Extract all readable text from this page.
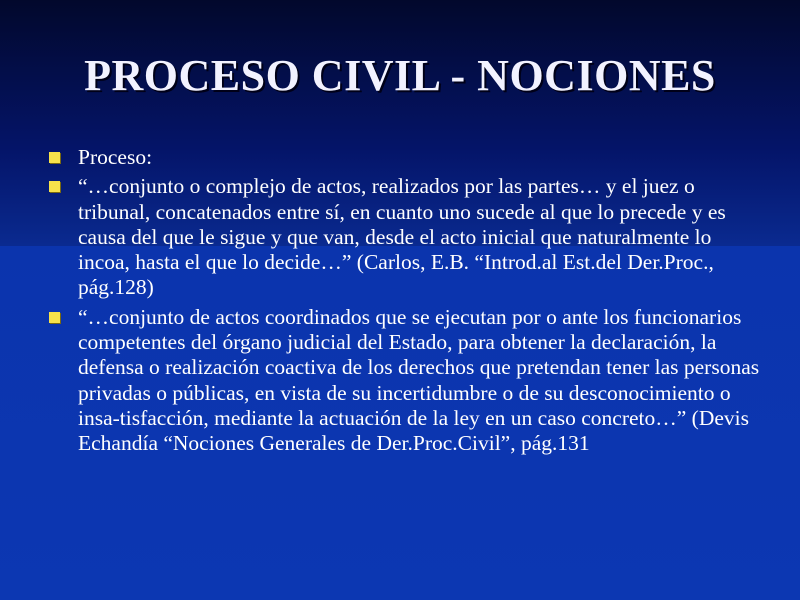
PROCESO CIVIL - NOCIONES
Proceso:
“…conjunto o complejo de actos, realizados por las partes… y el juez o tribunal, concatenados entre sí, en cuanto uno sucede al que lo precede y es causa del que le sigue y que van, desde el acto inicial que naturalmente lo incoa, hasta el que lo decide…” (Carlos, E.B. “Introd.al Est.del Der.Proc., pág.128)
“…conjunto de actos coordinados que se ejecutan por o ante los funcionarios competentes del órgano judicial del Estado, para obtener la declaración, la defensa o realización coactiva de los derechos que pretendan tener las personas privadas o públicas, en vista de su incertidumbre o de su desconocimiento o insa-tisfacción, mediante la actuación de la ley en un caso concreto…” (Devis Echandía “Nociones Generales de Der.Proc.Civil”, pág.131
